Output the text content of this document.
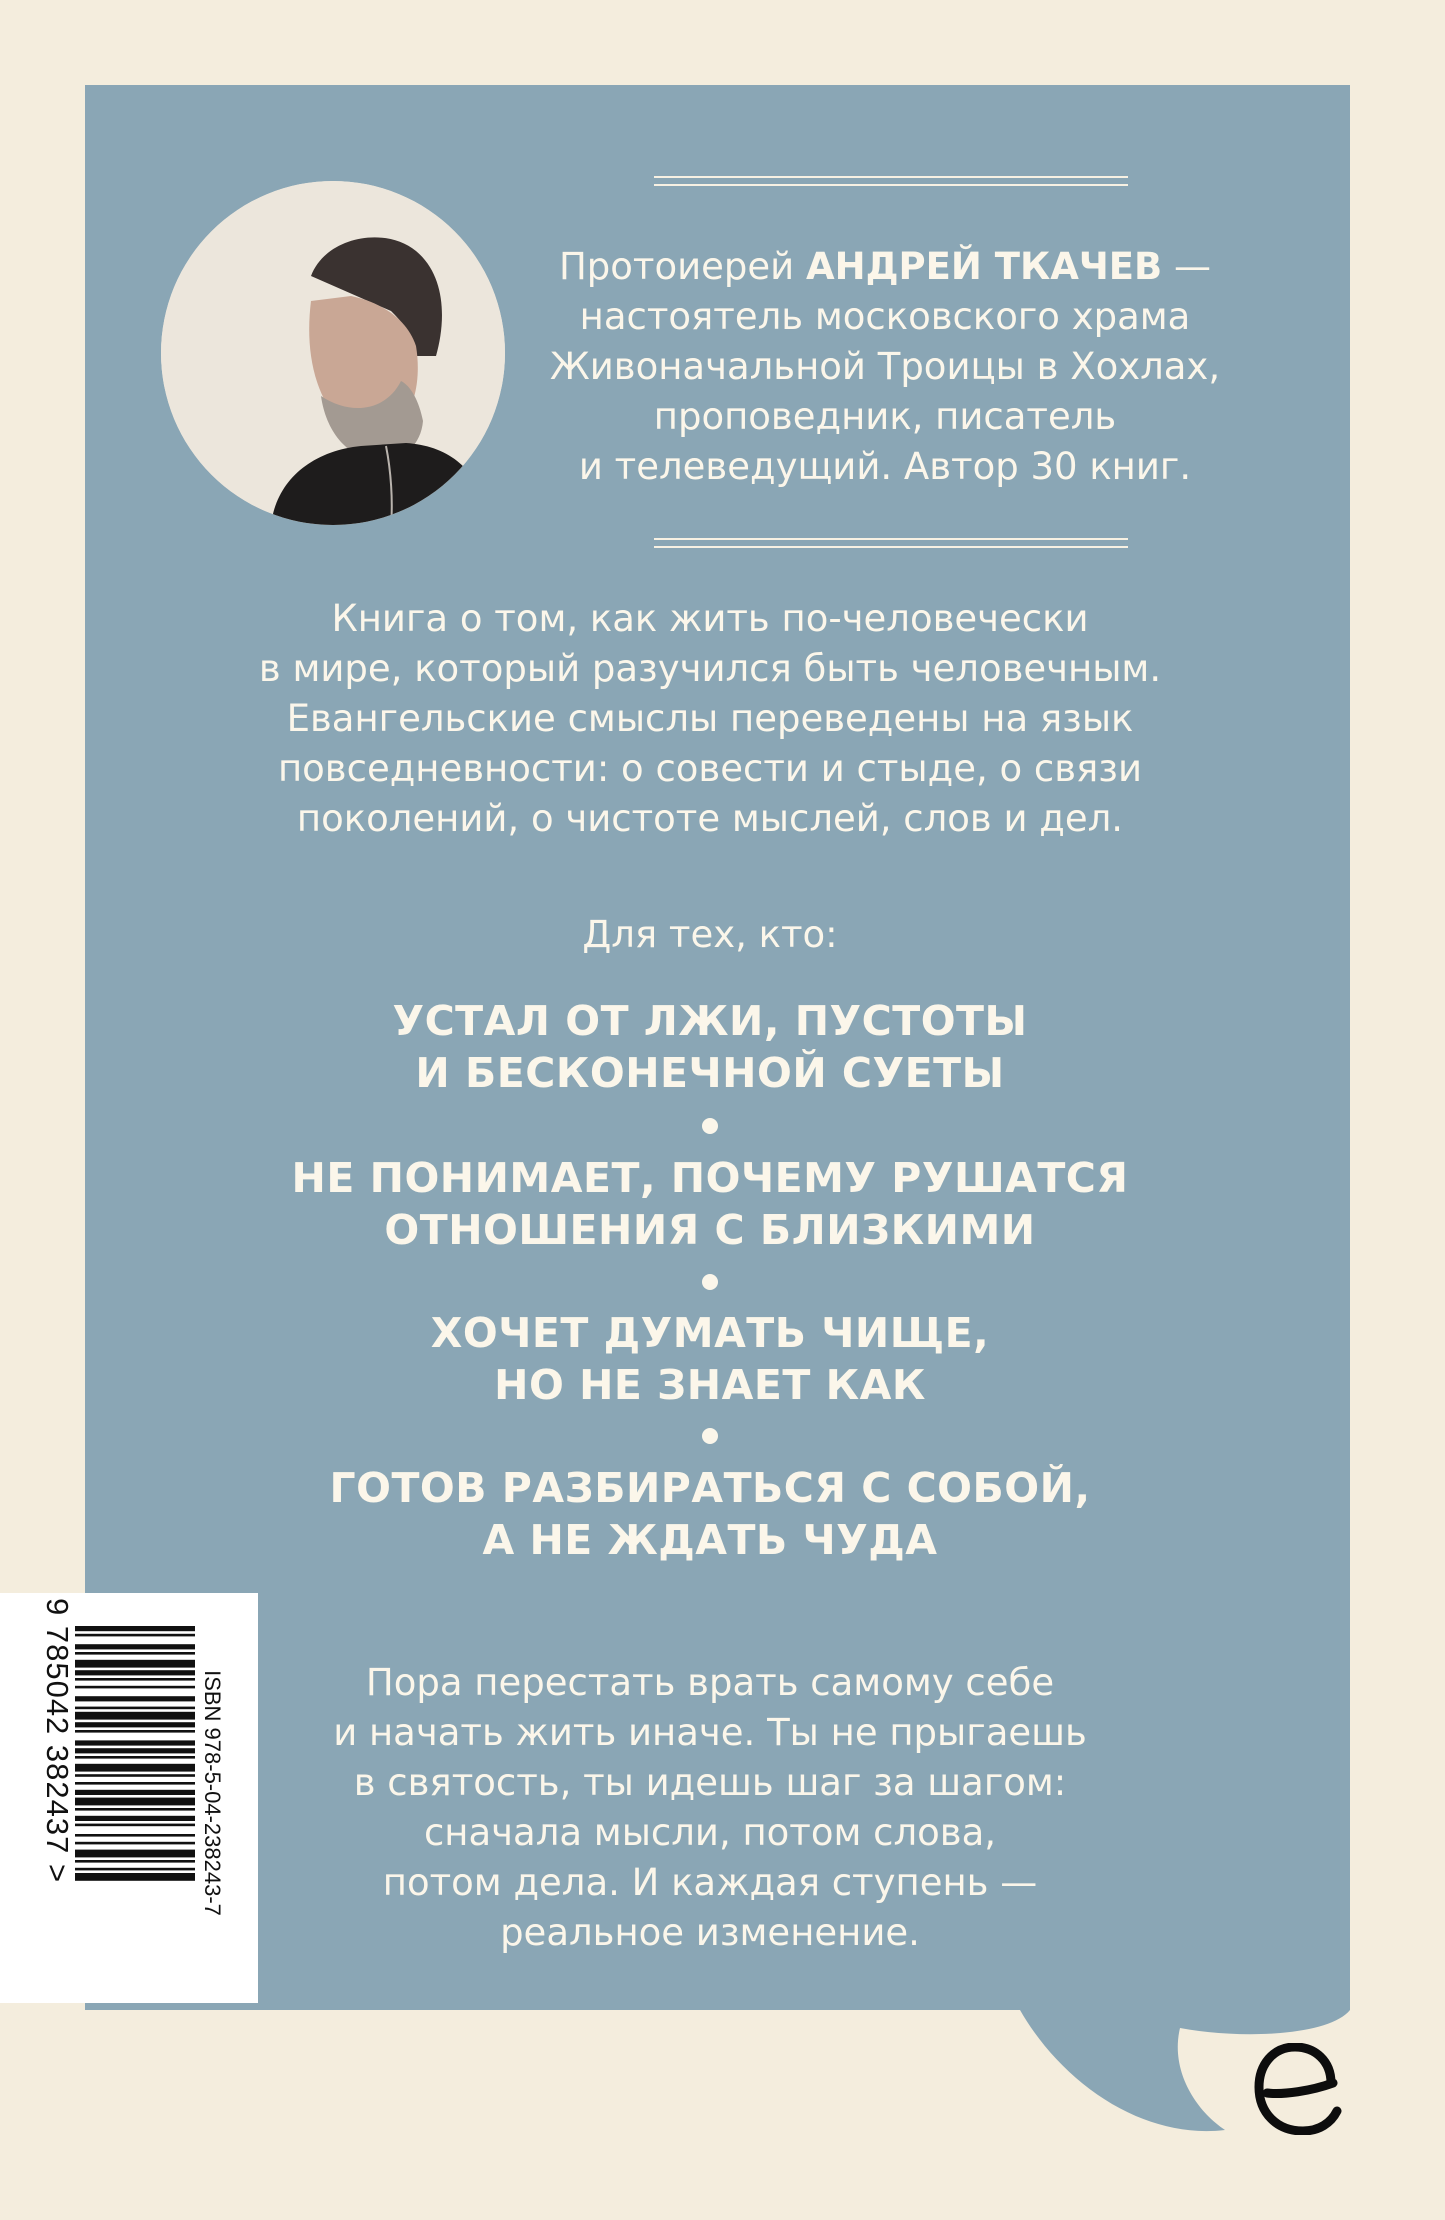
Протоиерей АНДРЕЙ ТКАЧЕВ —
настоятель московского храма
Живоначальной Троицы в Хохлах,
проповедник, писатель
и телеведущий. Автор 30 книг.
Книга о том, как жить по-человечески
в мире, который разучился быть человечным.
Евангельские смыслы переведены на язык
повседневности: о совести и стыде, о связи
поколений, о чистоте мыслей, слов и дел.
Для тех, кто:
УСТАЛ ОТ ЛЖИ, ПУСТОТЫ
И БЕСКОНЕЧНОЙ СУЕТЫ
НЕ ПОНИМАЕТ, ПОЧЕМУ РУШАТСЯ
ОТНОШЕНИЯ С БЛИЗКИМИ
ХОЧЕТ ДУМАТЬ ЧИЩЕ,
НО НЕ ЗНАЕТ КАК
ГОТОВ РАЗБИРАТЬСЯ С СОБОЙ,
А НЕ ЖДАТЬ ЧУДА
Пора перестать врать самому себе
и начать жить иначе. Ты не прыгаешь
в святость, ты идешь шаг за шагом:
сначала мысли, потом слова,
потом дела. И каждая ступень —
реальное изменение.
ISBN 978-5-04-238243-7
9 785042 382437 >
